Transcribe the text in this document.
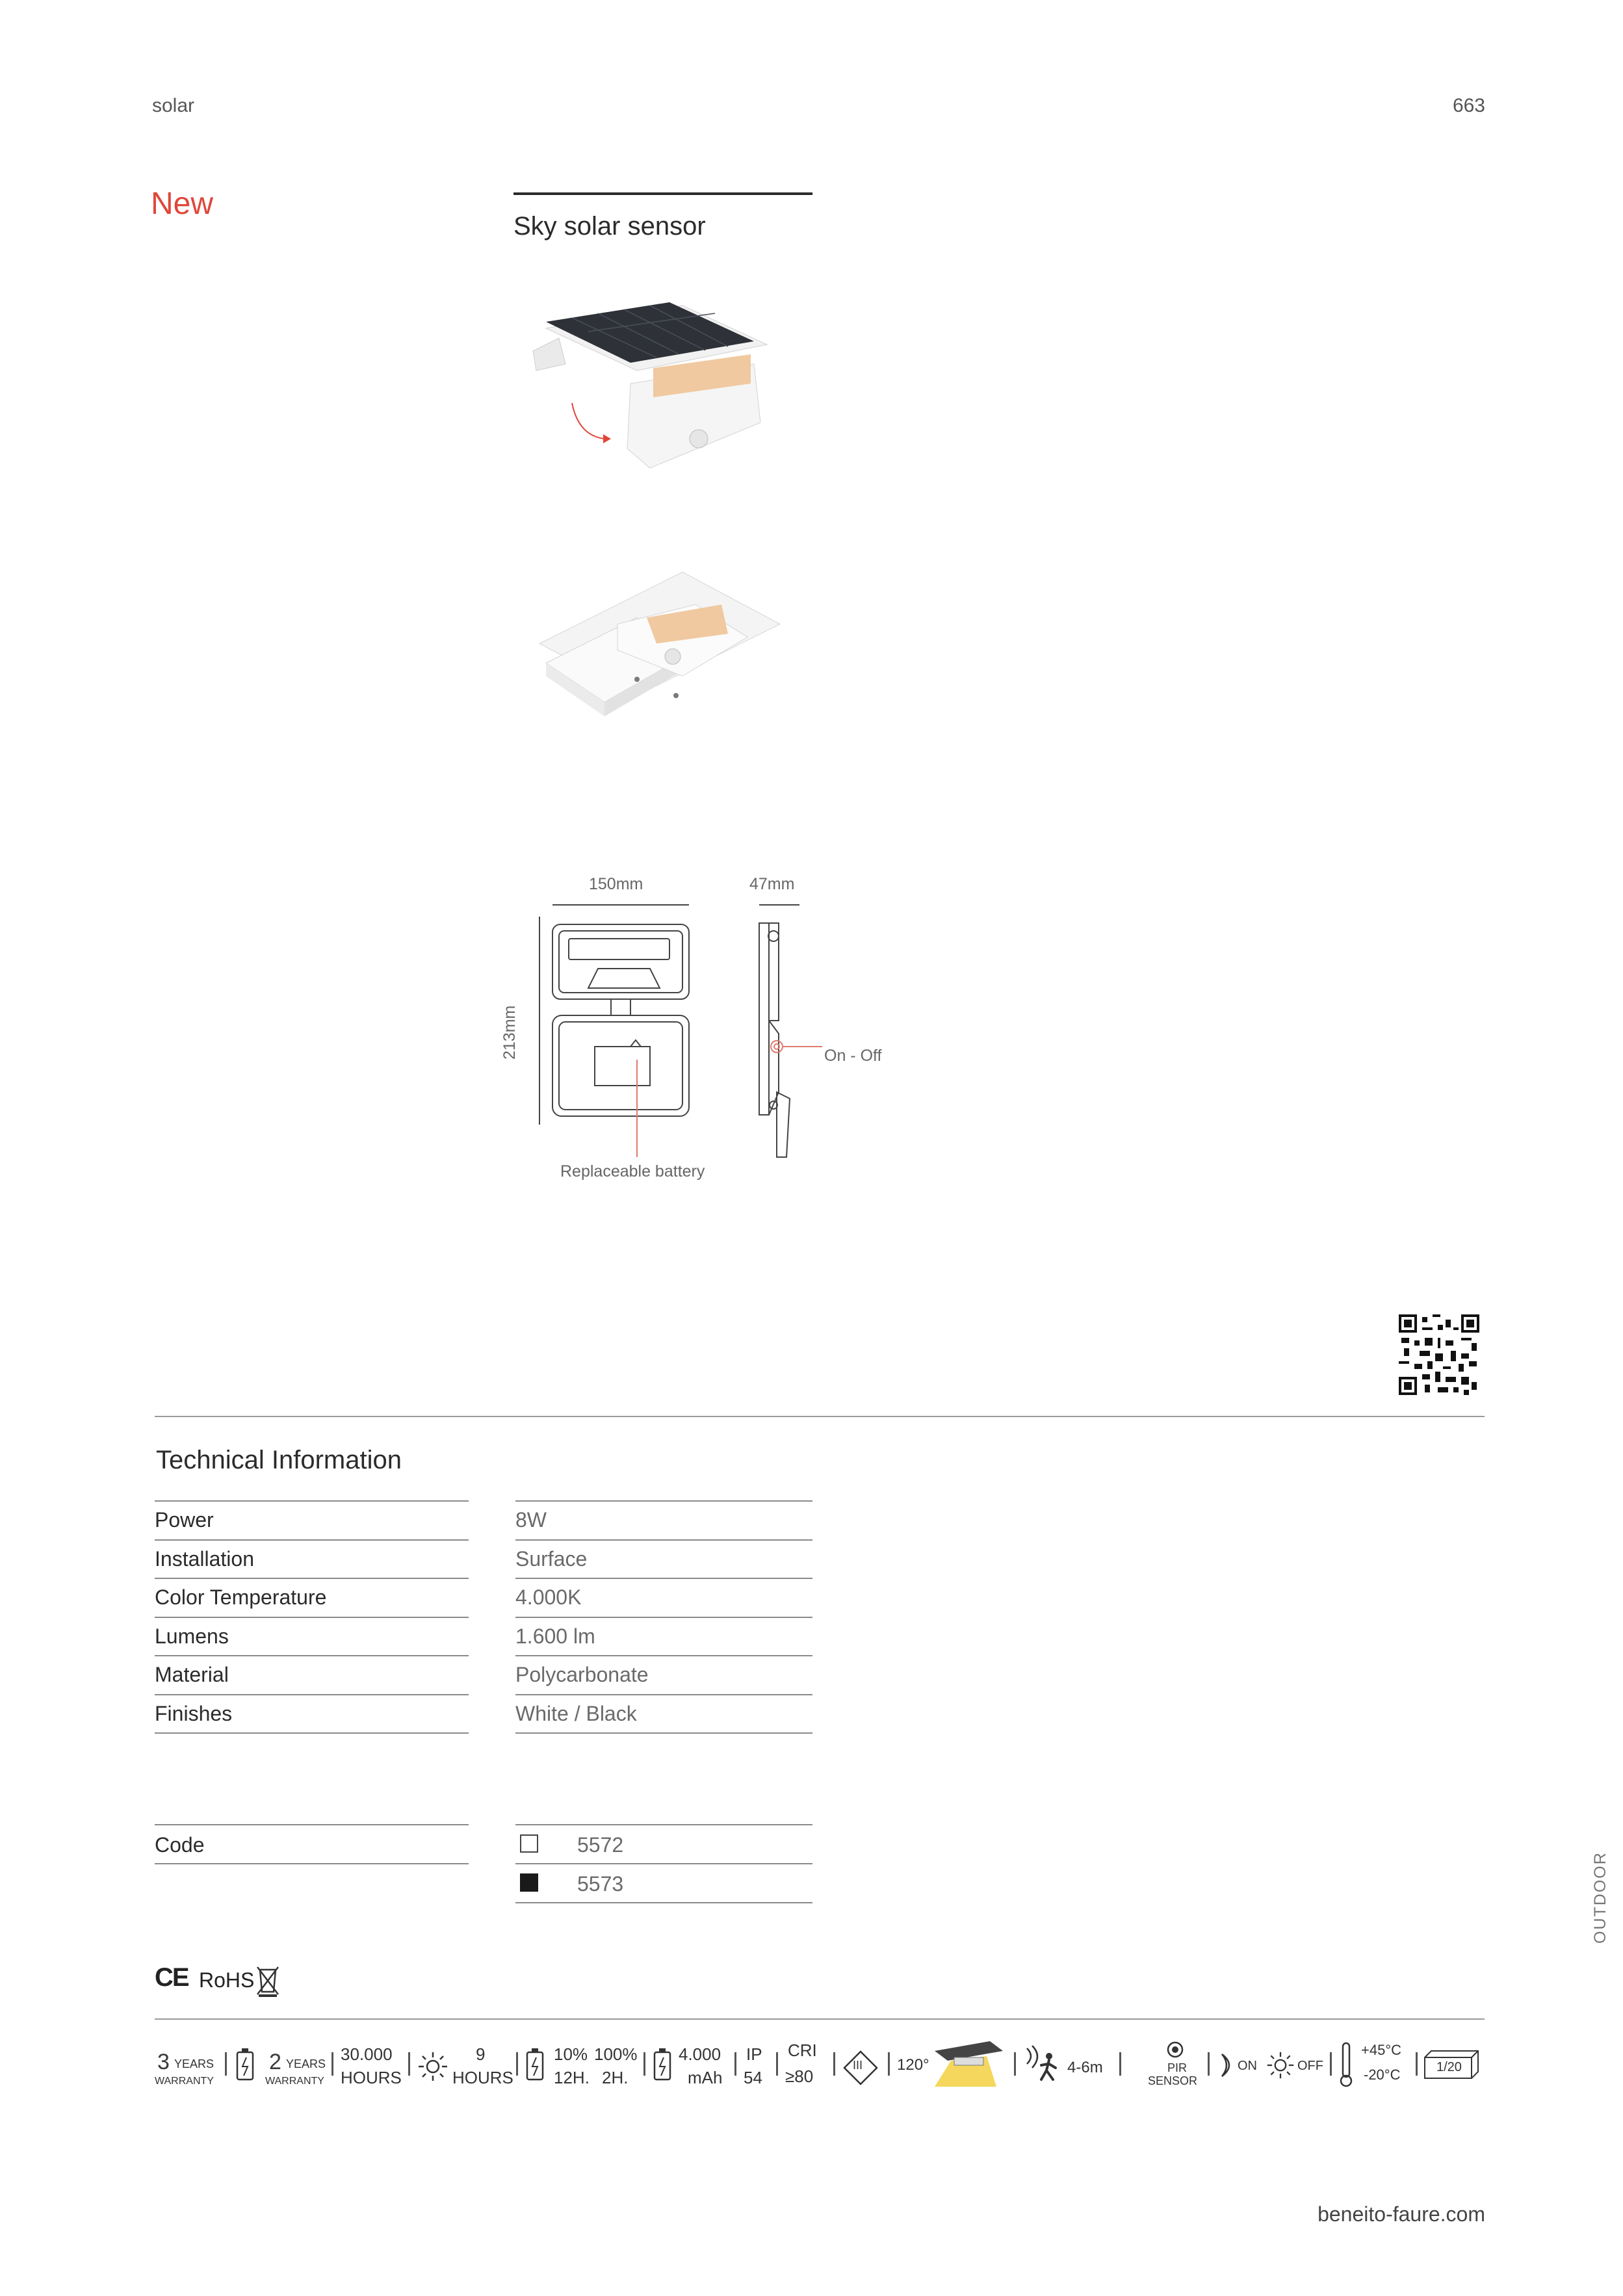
solar	663
New
Sky solar sensor
150mm	47mm
213mm	On - Off
Replaceable battery
Technical Information
Power	8W
Installation	Surface
Color Temperature	4.000K
Lumens	1.600 lm
Material	Polycarbonate
Finishes	White / Black
Code	5572
5573
CE RoHS
3 YEARS
WARRANTY
2 YEARS
WARRANTY
30.000
HOURS
9
HOURS
10% 100%
12H. 2H.
4.000
mAh
IP
54
CRI
≥80
III 120°	4-6m	PIR
SENSOR
ON	OFF
+45°C
-20°C	1/20
OUTDOOR
beneito-faure.com
